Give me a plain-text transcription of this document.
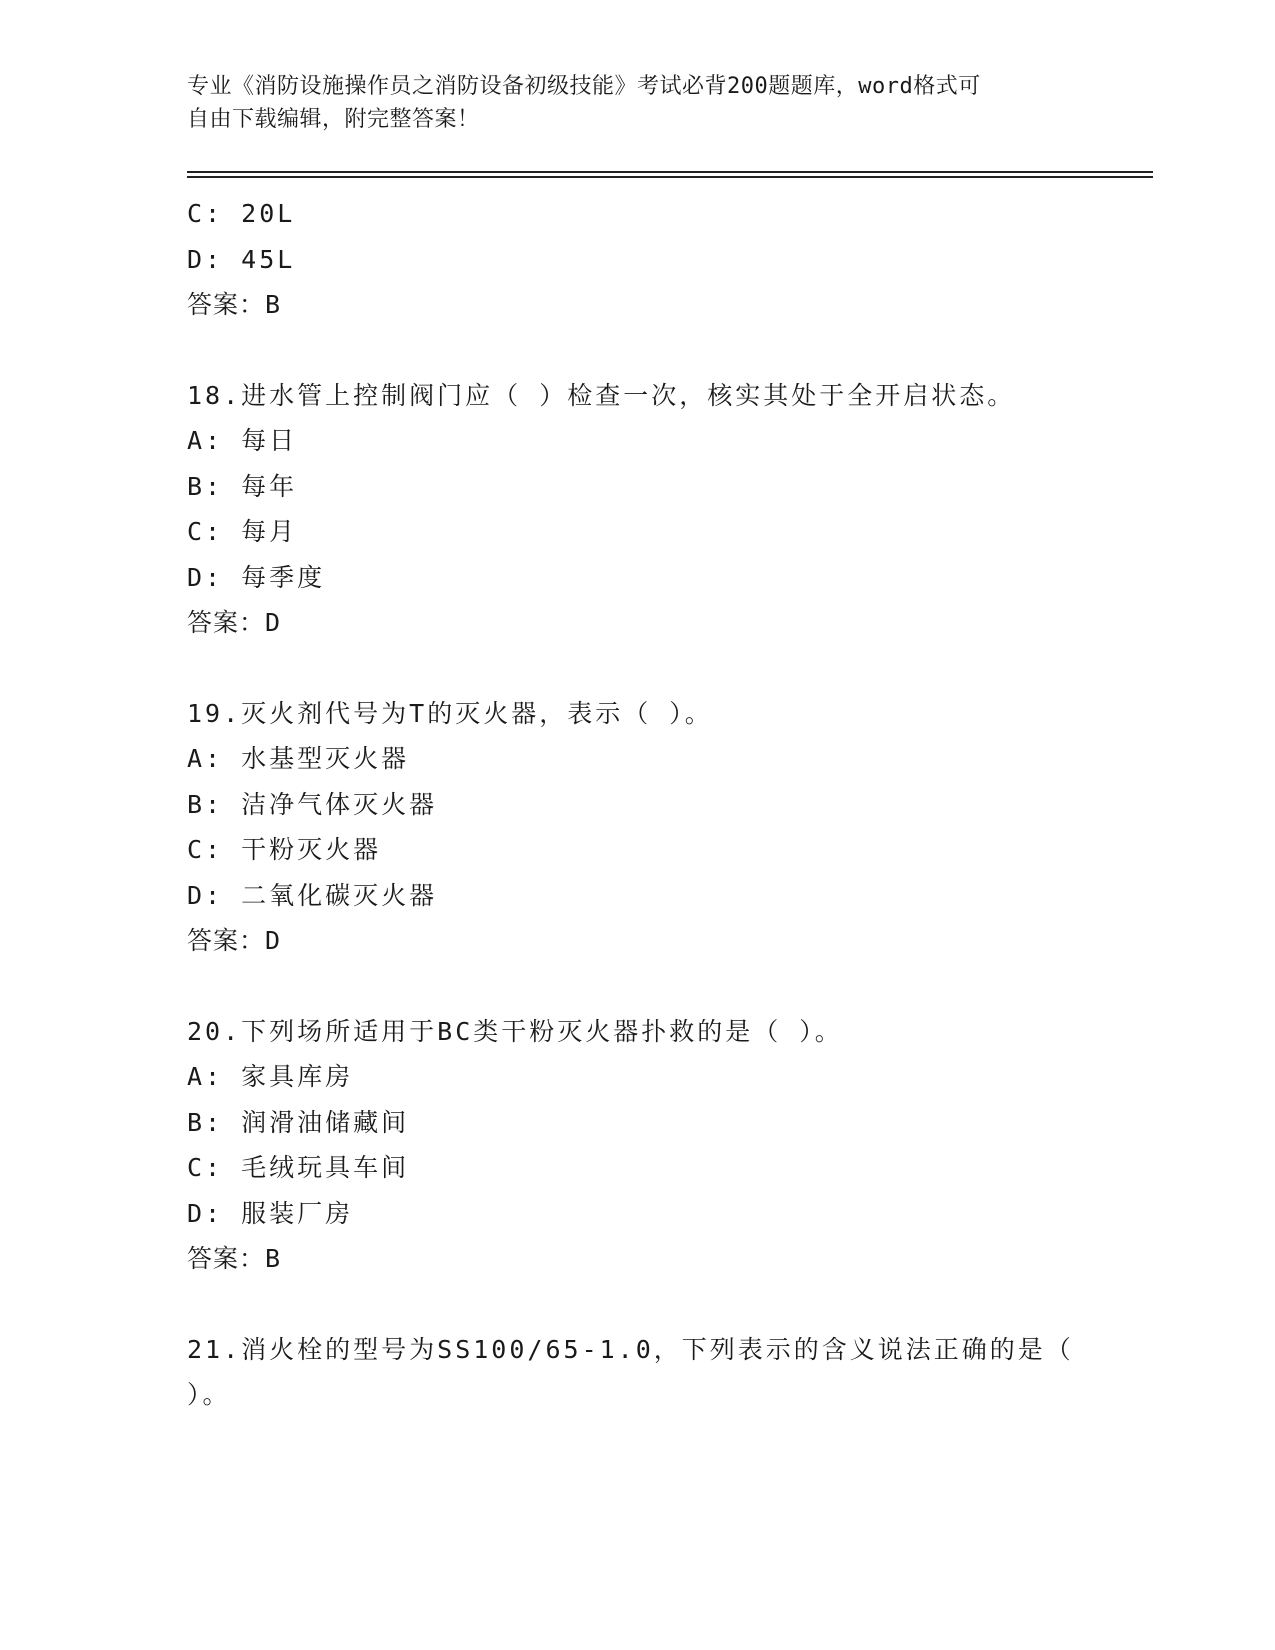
专业《消防设施操作员之消防设备初级技能》考试必背200题题库，word格式可
自由下载编辑，附完整答案！
C: 20L
D: 45L
答案：B
18.进水管上控制阀门应（ ）检查一次，核实其处于全开启状态。
A: 每日
B: 每年
C: 每月
D: 每季度
答案：D
19.灭火剂代号为T的灭火器，表示（ ）。
A: 水基型灭火器
B: 洁净气体灭火器
C: 干粉灭火器
D: 二氧化碳灭火器
答案：D
20.下列场所适用于BC类干粉灭火器扑救的是（ ）。
A: 家具库房
B: 润滑油储藏间
C: 毛绒玩具车间
D: 服装厂房
答案：B
21.消火栓的型号为SS100/65-1.0，下列表示的含义说法正确的是（
）。
